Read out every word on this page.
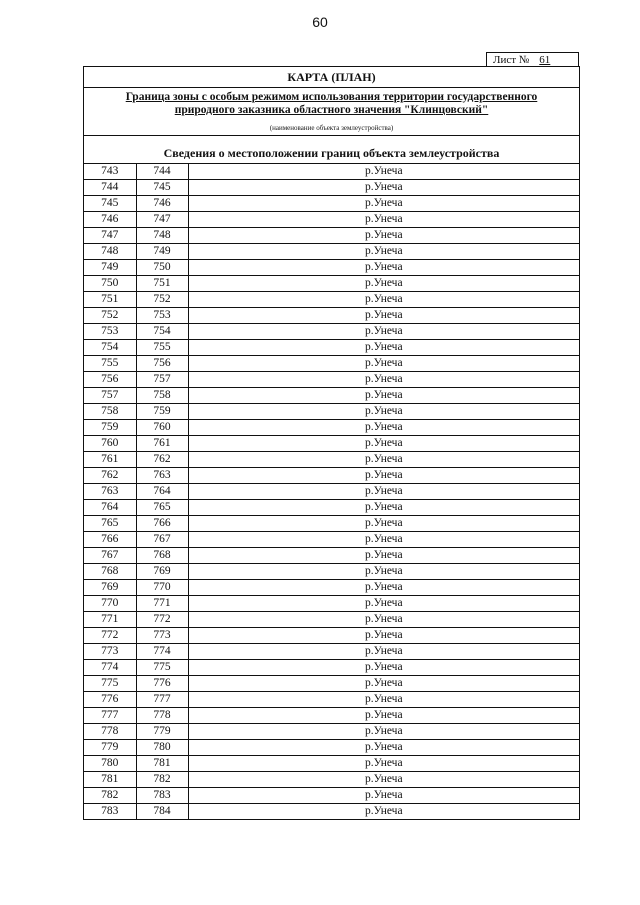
60
Лист № 61
КАРТА (ПЛАН)
Граница зоны с особым режимом использования территории государственного
природного заказника областного значения "Клинцовский"
(наименование объекта землеустройства)
Сведения о местоположении границ объекта землеустройства
743	744	р.Унеча
744	745	р.Унеча
745	746	р.Унеча
746	747	р.Унеча
747	748	р.Унеча
748	749	р.Унеча
749	750	р.Унеча
750	751	р.Унеча
751	752	р.Унеча
752	753	р.Унеча
753	754	р.Унеча
754	755	р.Унеча
755	756	р.Унеча
756	757	р.Унеча
757	758	р.Унеча
758	759	р.Унеча
759	760	р.Унеча
760	761	р.Унеча
761	762	р.Унеча
762	763	р.Унеча
763	764	р.Унеча
764	765	р.Унеча
765	766	р.Унеча
766	767	р.Унеча
767	768	р.Унеча
768	769	р.Унеча
769	770	р.Унеча
770	771	р.Унеча
771	772	р.Унеча
772	773	р.Унеча
773	774	р.Унеча
774	775	р.Унеча
775	776	р.Унеча
776	777	р.Унеча
777	778	р.Унеча
778	779	р.Унеча
779	780	р.Унеча
780	781	р.Унеча
781	782	р.Унеча
782	783	р.Унеча
783	784	р.Унеча
